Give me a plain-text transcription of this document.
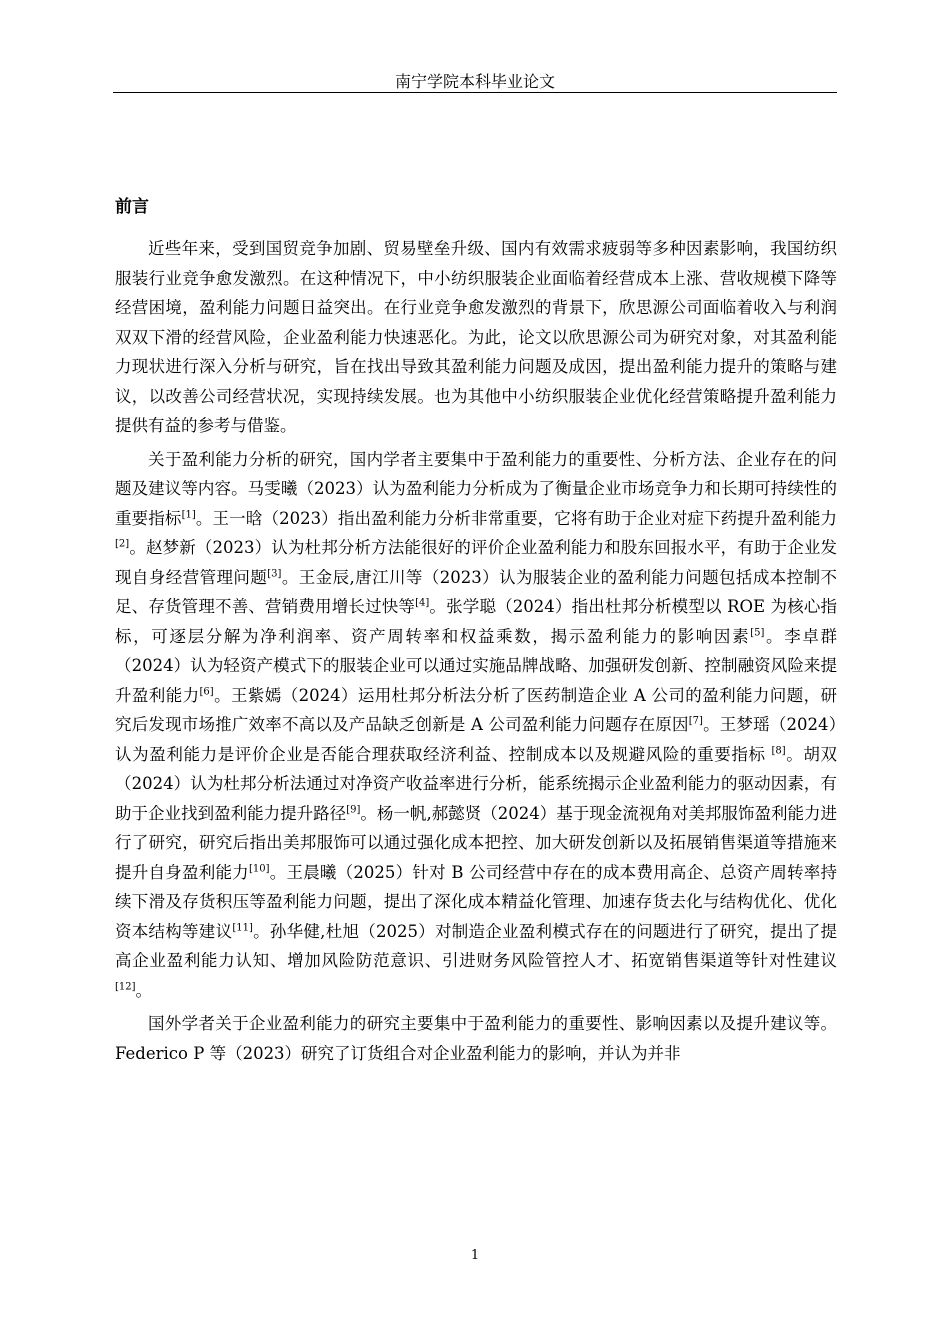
南宁学院本科毕业论文
前言

近些年来，受到国贸竞争加剧、贸易壁垒升级、国内有效需求疲弱等多种因素影响，我国纺织服装行业竞争愈发激烈。在这种情况下，中小纺织服装企业面临着经营成本上涨、营收规模下降等经营困境，盈利能力问题日益突出。在行业竞争愈发激烈的背景下，欣思源公司面临着收入与利润双双下滑的经营风险，企业盈利能力快速恶化。为此，论文以欣思源公司为研究对象，对其盈利能力现状进行深入分析与研究，旨在找出导致其盈利能力问题及成因，提出盈利能力提升的策略与建议，以改善公司经营状况，实现持续发展。也为其他中小纺织服装企业优化经营策略提升盈利能力提供有益的参考与借鉴。

关于盈利能力分析的研究，国内学者主要集中于盈利能力的重要性、分析方法、企业存在的问题及建议等内容。马雯曦（2023）认为盈利能力分析成为了衡量企业市场竞争力和长期可持续性的重要指标[1]。王一晗（2023）指出盈利能力分析非常重要，它将有助于企业对症下药提升盈利能力[2]。赵梦新（2023）认为杜邦分析方法能很好的评价企业盈利能力和股东回报水平，有助于企业发现自身经营管理问题[3]。王金辰,唐江川等（2023）认为服装企业的盈利能力问题包括成本控制不足、存货管理不善、营销费用增长过快等[4]。张学聪（2024）指出杜邦分析模型以 ROE 为核心指标，可逐层分解为净利润率、资产周转率和权益乘数，揭示盈利能力的影响因素[5]。李卓群（2024）认为轻资产模式下的服装企业可以通过实施品牌战略、加强研发创新、控制融资风险来提升盈利能力[6]。王紫嫣（2024）运用杜邦分析法分析了医药制造企业 A 公司的盈利能力问题，研究后发现市场推广效率不高以及产品缺乏创新是 A 公司盈利能力问题存在原因[7]。王梦瑶（2024）认为盈利能力是评价企业是否能合理获取经济利益、控制成本以及规避风险的重要指标 [8]。胡双（2024）认为杜邦分析法通过对净资产收益率进行分析，能系统揭示企业盈利能力的驱动因素，有助于企业找到盈利能力提升路径[9]。杨一帆,郝懿贤（2024）基于现金流视角对美邦服饰盈利能力进行了研究，研究后指出美邦服饰可以通过强化成本把控、加大研发创新以及拓展销售渠道等措施来提升自身盈利能力[10]。王晨曦（2025）针对 B 公司经营中存在的成本费用高企、总资产周转率持续下滑及存货积压等盈利能力问题，提出了深化成本精益化管理、加速存货去化与结构优化、优化资本结构等建议[11]。孙华健,杜旭（2025）对制造企业盈利模式存在的问题进行了研究，提出了提高企业盈利能力认知、增加风险防范意识、引进财务风险管控人才、拓宽销售渠道等针对性建议[12]。

国外学者关于企业盈利能力的研究主要集中于盈利能力的重要性、影响因素以及提升建议等。Federico P 等（2023）研究了订货组合对企业盈利能力的影响，并认为并非

1
